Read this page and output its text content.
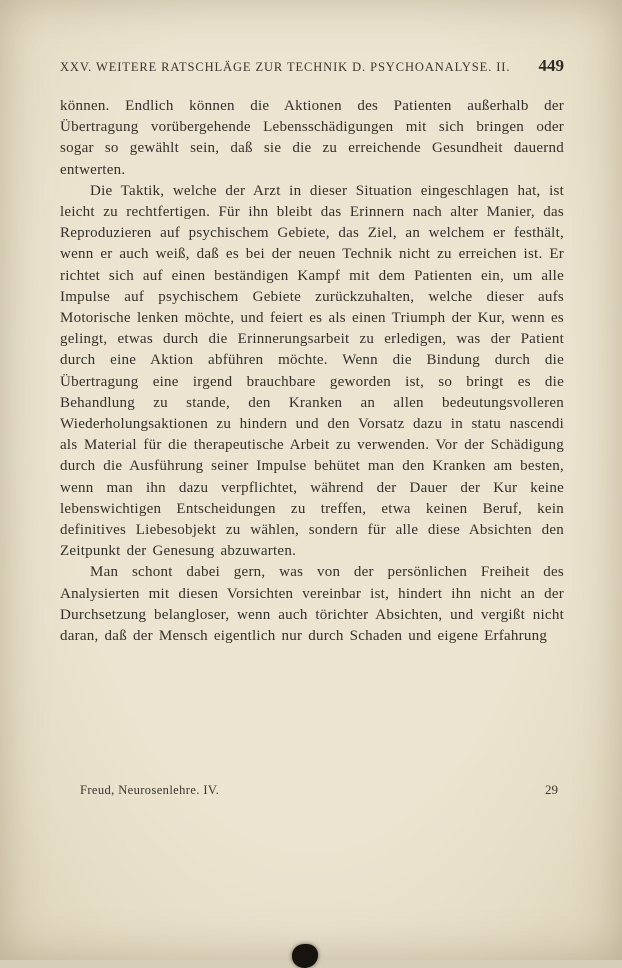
XXV. WEITERE RATSCHLÄGE ZUR TECHNIK D. PSYCHOANALYSE. II. 449

können. Endlich können die Aktionen des Patienten außerhalb der Übertragung vorübergehende Lebensschädigungen mit sich bringen oder sogar so gewählt sein, daß sie die zu erreichende Gesundheit dauernd entwerten.

Die Taktik, welche der Arzt in dieser Situation eingeschlagen hat, ist leicht zu rechtfertigen. Für ihn bleibt das Erinnern nach alter Manier, das Reproduzieren auf psychischem Gebiete, das Ziel, an welchem er festhält, wenn er auch weiß, daß es bei der neuen Technik nicht zu erreichen ist. Er richtet sich auf einen beständigen Kampf mit dem Patienten ein, um alle Impulse auf psychischem Gebiete zurückzuhalten, welche dieser aufs Motorische lenken möchte, und feiert es als einen Triumph der Kur, wenn es gelingt, etwas durch die Erinnerungsarbeit zu erledigen, was der Patient durch eine Aktion abführen möchte. Wenn die Bindung durch die Übertragung eine irgend brauchbare geworden ist, so bringt es die Behandlung zu stande, den Kranken an allen bedeutungsvolleren Wiederholungsaktionen zu hindern und den Vorsatz dazu in statu nascendi als Material für die therapeutische Arbeit zu verwenden. Vor der Schädigung durch die Ausführung seiner Impulse behütet man den Kranken am besten, wenn man ihn dazu verpflichtet, während der Dauer der Kur keine lebenswichtigen Entscheidungen zu treffen, etwa keinen Beruf, kein definitives Liebesobjekt zu wählen, sondern für alle diese Absichten den Zeitpunkt der Genesung abzuwarten.

Man schont dabei gern, was von der persönlichen Freiheit des Analysierten mit diesen Vorsichten vereinbar ist, hindert ihn nicht an der Durchsetzung belangloser, wenn auch törichter Absichten, und vergißt nicht daran, daß der Mensch eigentlich nur durch Schaden und eigene Erfahrung

Freud, Neurosenlehre. IV.	29
